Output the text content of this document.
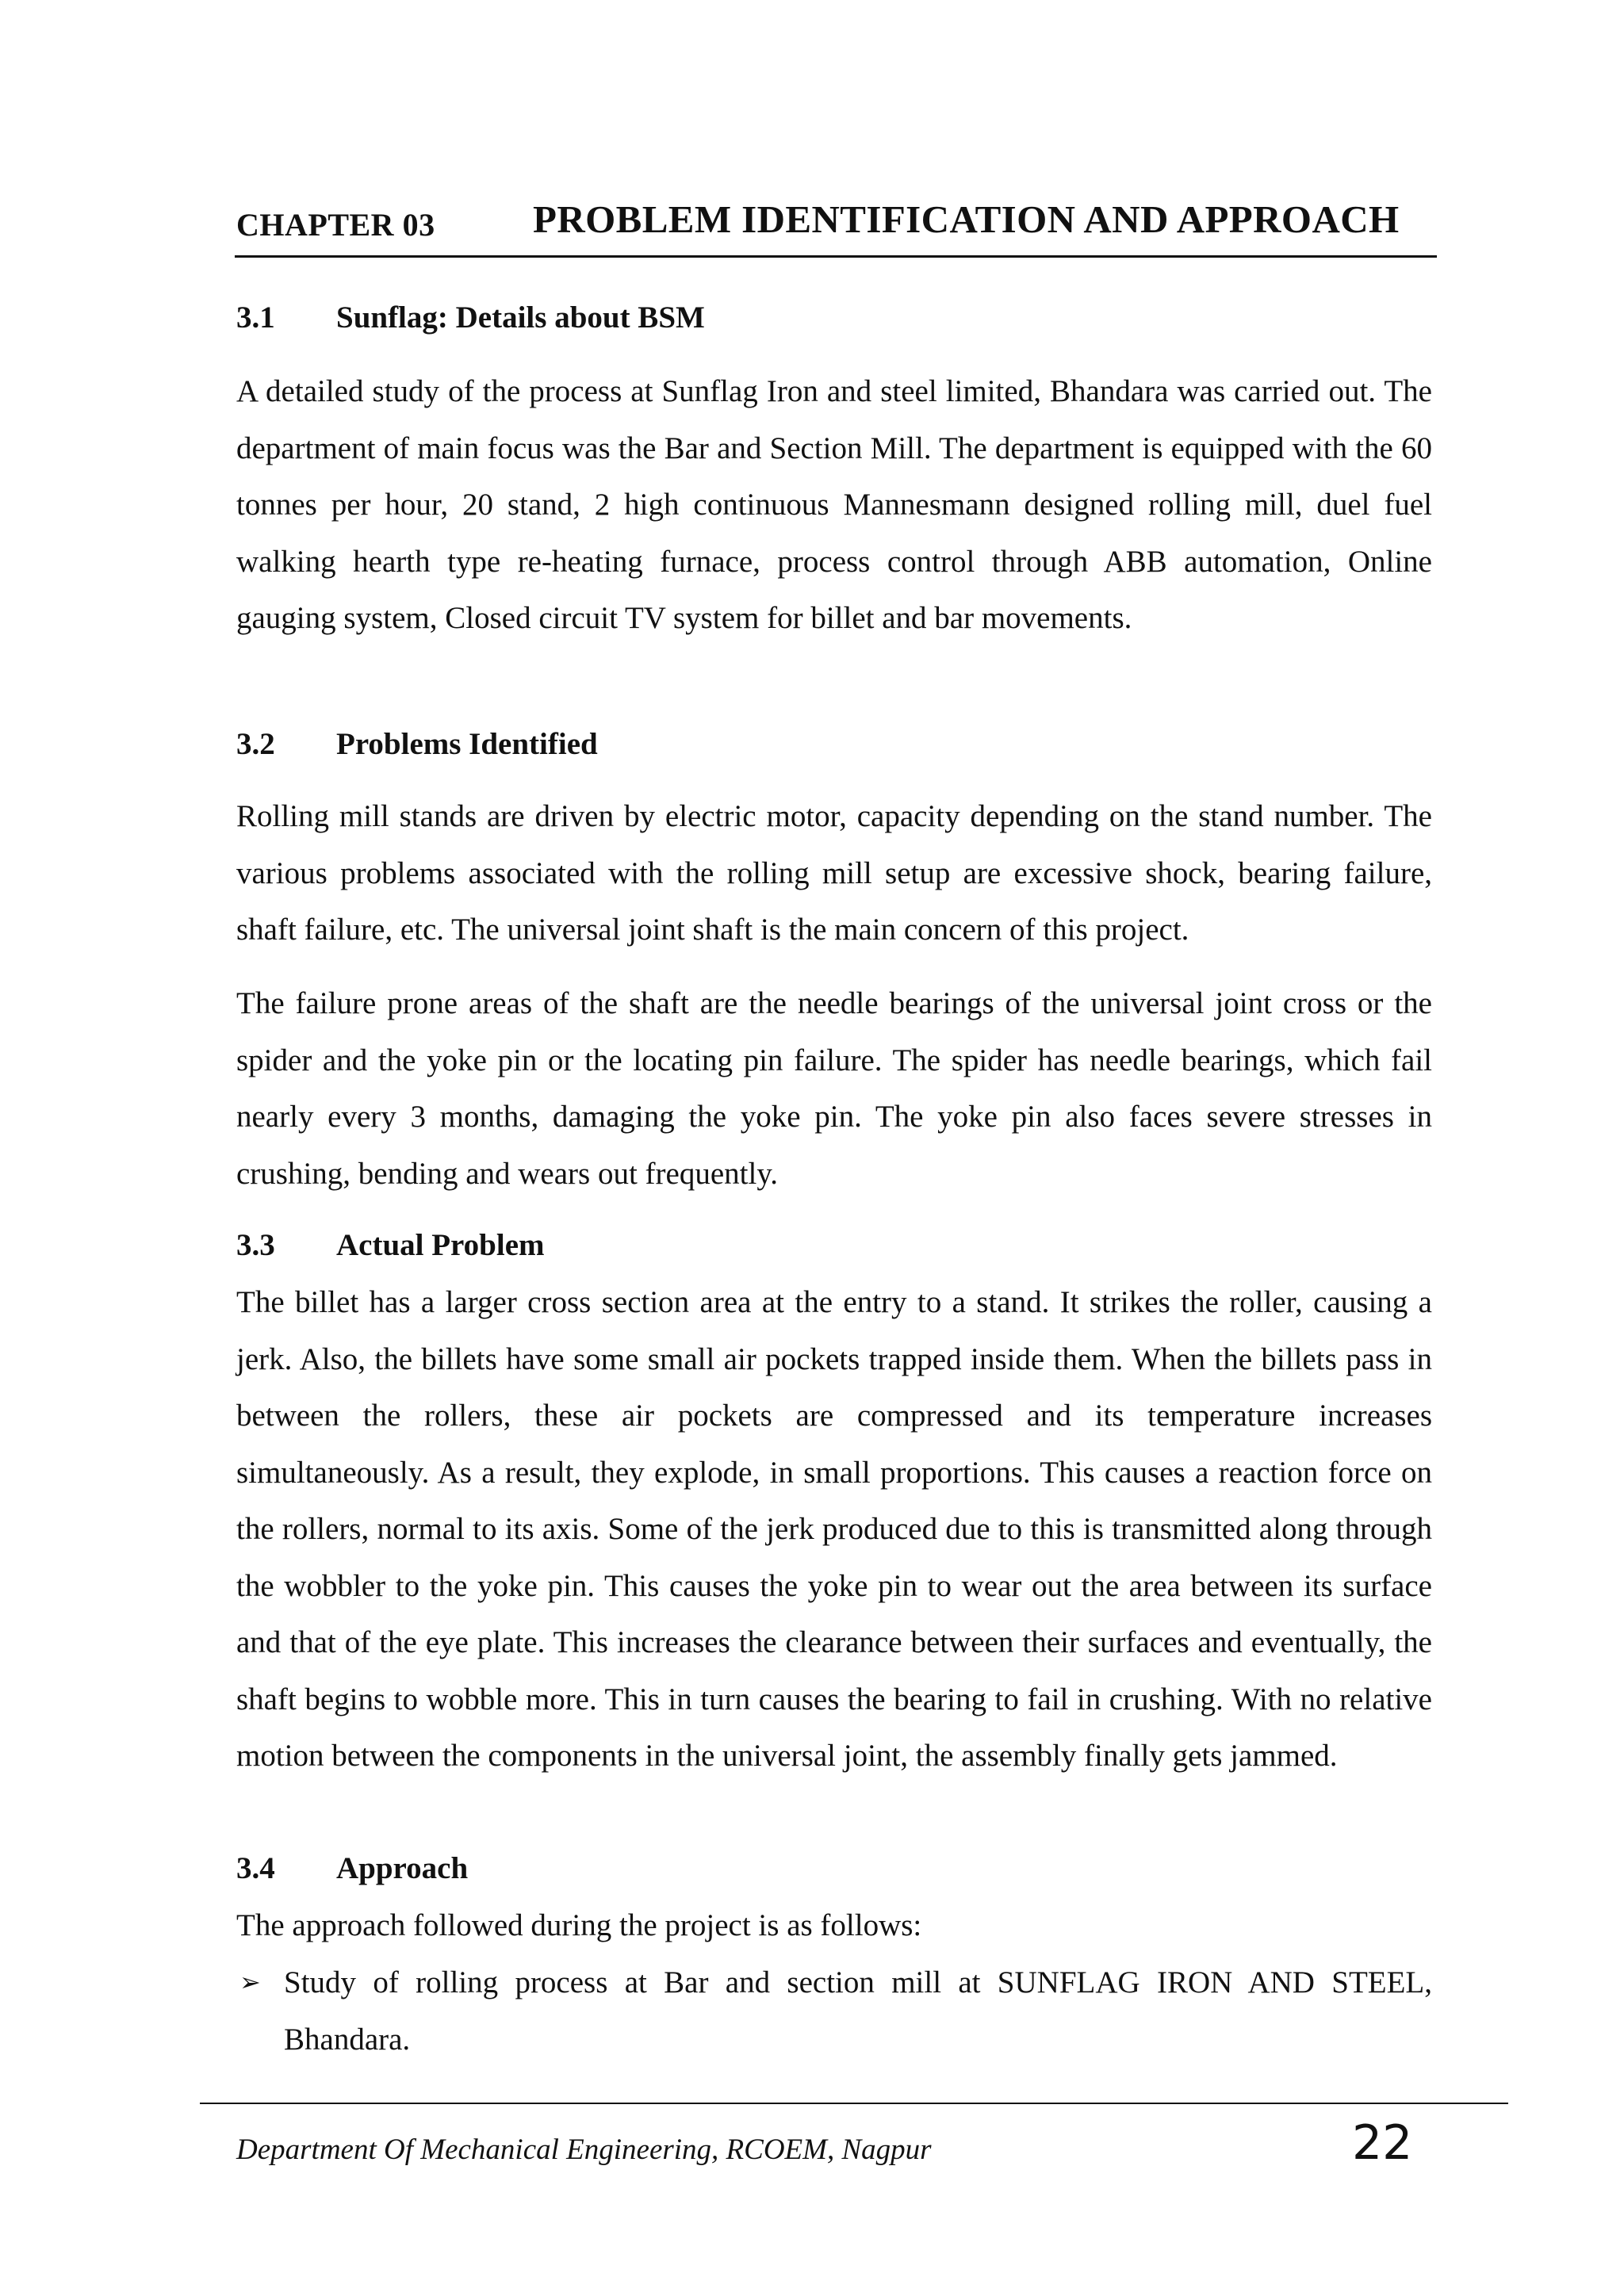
CHAPTER 03	PROBLEM IDENTIFICATION AND APPROACH
3.1 Sunflag: Details about BSM

A detailed study of the process at Sunflag Iron and steel limited, Bhandara was carried out. The department of main focus was the Bar and Section Mill. The department is equipped with the 60 tonnes per hour, 20 stand, 2 high continuous Mannesmann designed rolling mill, duel fuel walking hearth type re-heating furnace, process control through ABB automation, Online gauging system, Closed circuit TV system for billet and bar movements.

3.2 Problems Identified

Rolling mill stands are driven by electric motor, capacity depending on the stand number. The various problems associated with the rolling mill setup are excessive shock, bearing failure, shaft failure, etc. The universal joint shaft is the main concern of this project.

The failure prone areas of the shaft are the needle bearings of the universal joint cross or the spider and the yoke pin or the locating pin failure. The spider has needle bearings, which fail nearly every 3 months, damaging the yoke pin. The yoke pin also faces severe stresses in crushing, bending and wears out frequently.

3.3 Actual Problem

The billet has a larger cross section area at the entry to a stand. It strikes the roller, causing a jerk. Also, the billets have some small air pockets trapped inside them. When the billets pass in between the rollers, these air pockets are compressed and its temperature increases simultaneously. As a result, they explode, in small proportions. This causes a reaction force on the rollers, normal to its axis. Some of the jerk produced due to this is transmitted along through the wobbler to the yoke pin. This causes the yoke pin to wear out the area between its surface and that of the eye plate. This increases the clearance between their surfaces and eventually, the shaft begins to wobble more. This in turn causes the bearing to fail in crushing. With no relative motion between the components in the universal joint, the assembly finally gets jammed.

3.4 Approach

The approach followed during the project is as follows:

➢ Study of rolling process at Bar and section mill at SUNFLAG IRON AND STEEL, Bhandara.
Department Of Mechanical Engineering, RCOEM, Nagpur	22
